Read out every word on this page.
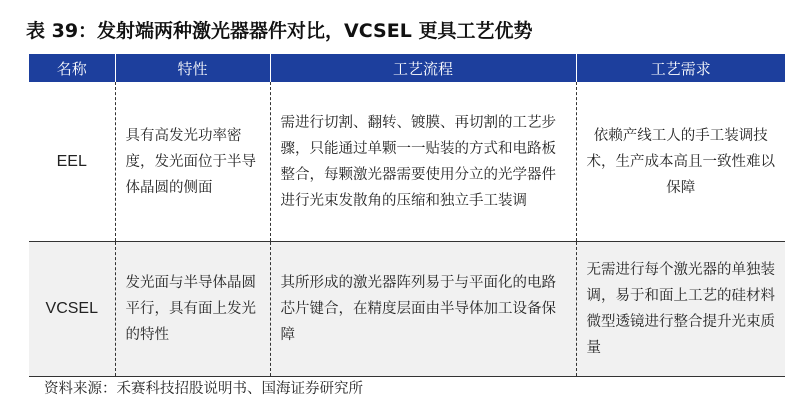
表 39：发射端两种激光器器件对比，VCSEL 更具工艺优势
名称	特性	工艺流程	工艺需求
EEL	具有高发光功率密度，发光面位于半导体晶圆的侧面	需进行切割、翻转、镀膜、再切割的工艺步骤，只能通过单颗一一贴装的方式和电路板整合，每颗激光器需要使用分立的光学器件进行光束发散角的压缩和独立手工装调	依赖产线工人的手工装调技术，生产成本高且一致性难以保障
VCSEL	发光面与半导体晶圆平行，具有面上发光的特性	其所形成的激光器阵列易于与平面化的电路芯片键合，在精度层面由半导体加工设备保障	无需进行每个激光器的单独装调，易于和面上工艺的硅材料微型透镜进行整合提升光束质量
资料来源：禾赛科技招股说明书、国海证券研究所
